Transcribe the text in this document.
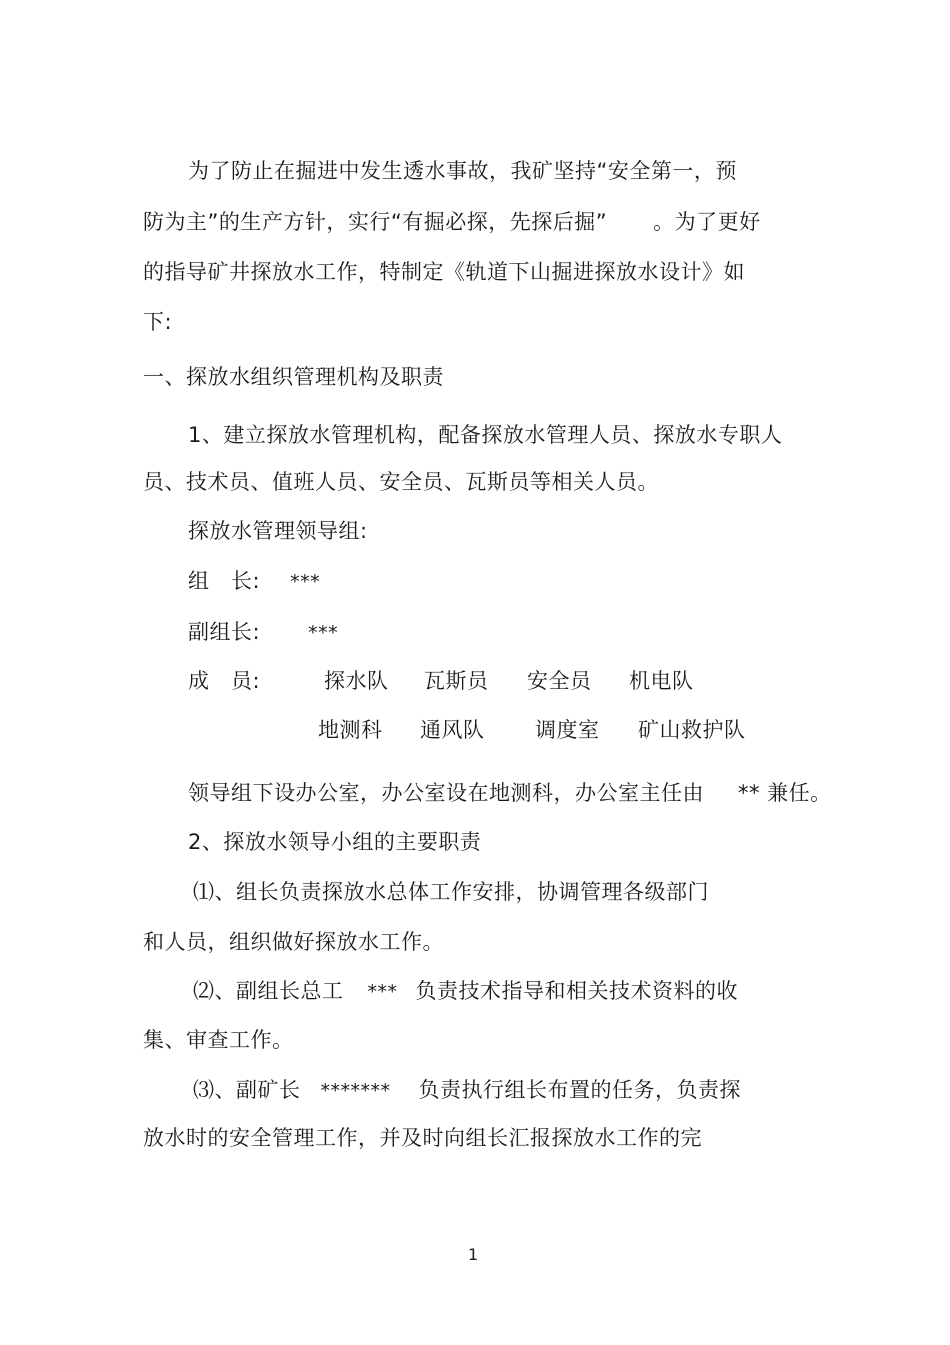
为了防止在掘进中发生透水事故，我矿坚持“安全第一，预
防为主”的生产方针，实行“有掘必探，先探后掘” 。为了更好
的指导矿井探放水工作，特制定《轨道下山掘进探放水设计》如
下:
一、探放水组织管理机构及职责
1、建立探放水管理机构，配备探放水管理人员、探放水专职人
员、技术员、值班人员、安全员、瓦斯员等相关人员。
探放水管理领导组:
组　长: ***
副组长:	***
成　员:	探水队 瓦斯员 安全员 机电队
地测科 通风队 调度室 矿山救护队
领导组下设办公室，办公室设在地测科，办公室主任由 ** 兼任。
2、探放水领导小组的主要职责
⑴、组长负责探放水总体工作安排，协调管理各级部门
和人员，组织做好探放水工作。
⑵、副组长总工 *** 负责技术指导和相关技术资料的收
集、审查工作。
⑶、副矿长 ******* 负责执行组长布置的任务，负责探
放水时的安全管理工作，并及时向组长汇报探放水工作的完
1
